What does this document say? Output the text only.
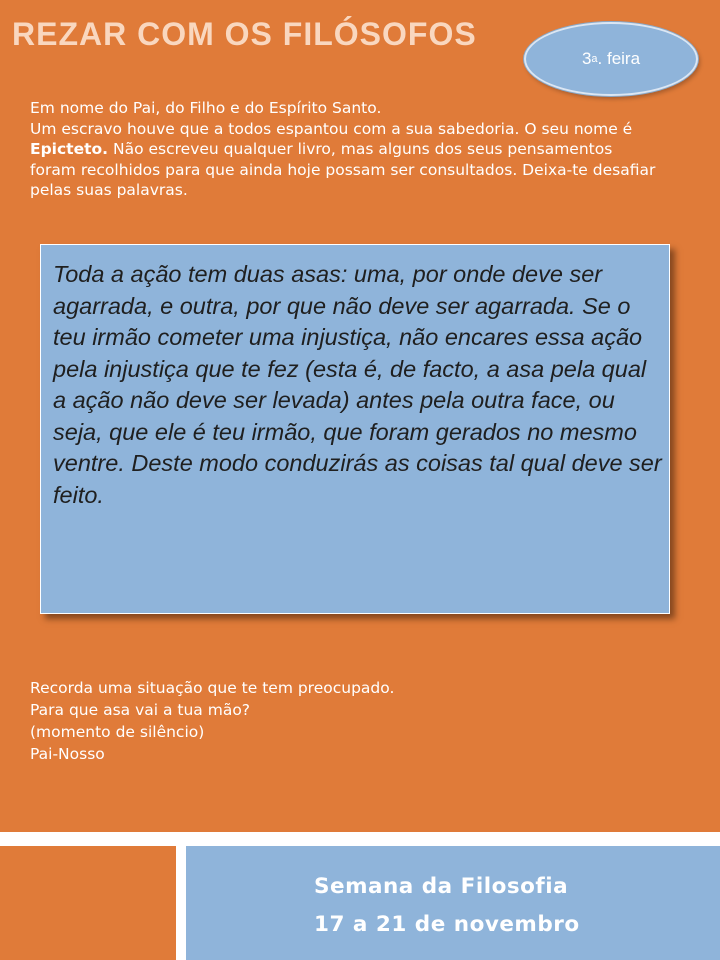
REZAR COM OS FILÓSOFOS
3 a . feira

Em nome do Pai, do Filho e do Espírito Santo.

Um escravo houve que a todos espantou com a sua sabedoria. O seu nome é Epicteto. Não escreveu qualquer livro, mas alguns dos seus pensamentos foram recolhidos para que ainda hoje possam ser consultados. Deixa-te desafiar pelas suas palavras.

Toda a ação tem duas asas: uma, por onde deve ser agarrada, e outra, por que não deve ser agarrada. Se o teu irmão cometer uma injustiça, não encares essa ação pela injustiça que te fez (esta é, de facto, a asa pela qual a ação não deve ser levada) antes pela outra face, ou seja, que ele é teu irmão, que foram gerados no mesmo ventre. Deste modo conduzirás as coisas tal qual deve ser feito.

Recorda uma situação que te tem preocupado.
Para que asa vai a tua mão?
(momento de silêncio)
Pai-Nosso
Semana da Filosofia
17 a 21 de novembro
